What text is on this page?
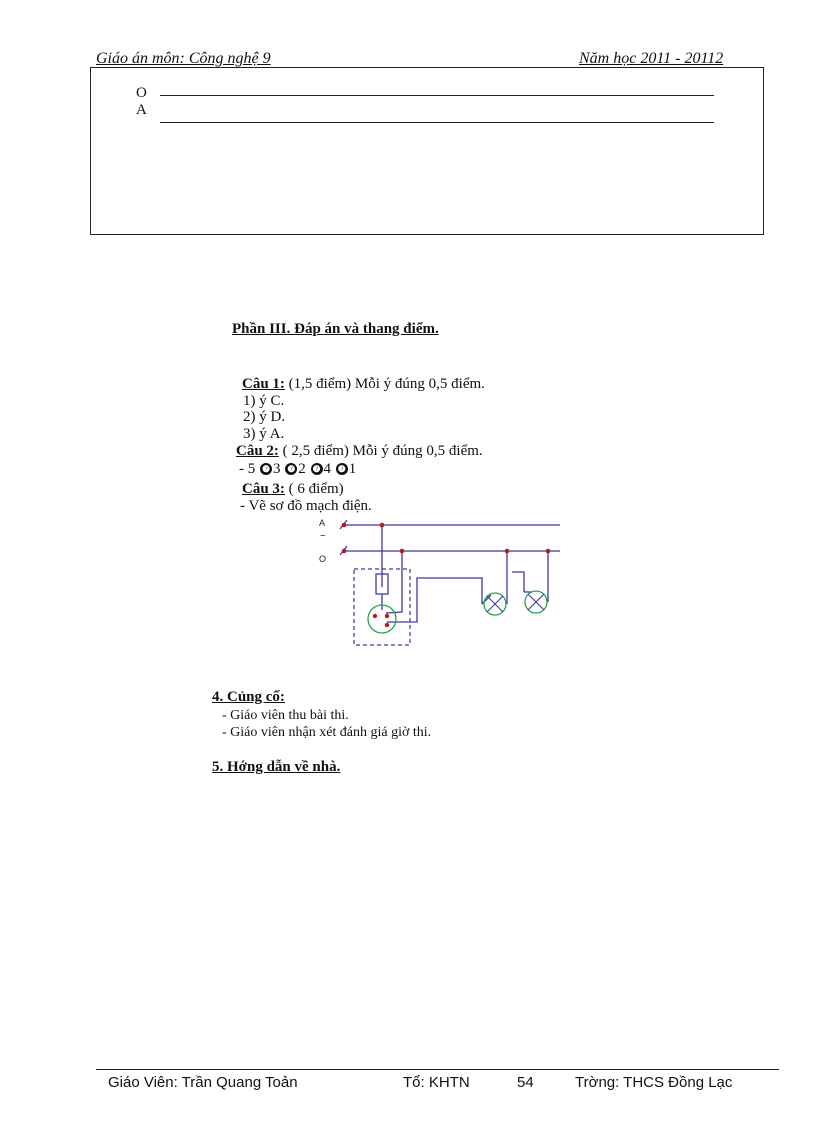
Giáo án môn: Công nghệ 9	Năm học 2011 - 20112
O
A
Phần III. Đáp án và thang điểm.
Câu 1: (1,5 điểm) Mỗi ý đúng 0,5 điểm.
1) ý C.
2) ý D.
3) ý A.
Câu 2: ( 2,5 điểm) Mỗi ý đúng 0,5 điểm.
- 5 ❼ 3 ❼ 2 ❼ 4 ❼ 1
Câu 3: ( 6 điểm)
- Vẽ sơ đồ mạch điện.
A
~
O
4. Củng cố:
- Giáo viên thu bài thi.
- Giáo viên nhận xét đánh giá giờ thi.
5. Hớng dẫn về nhà.
Giáo Viên: Trần Quang Toản	Tổ: KHTN	54	Trờng: THCS Đồng Lạc
